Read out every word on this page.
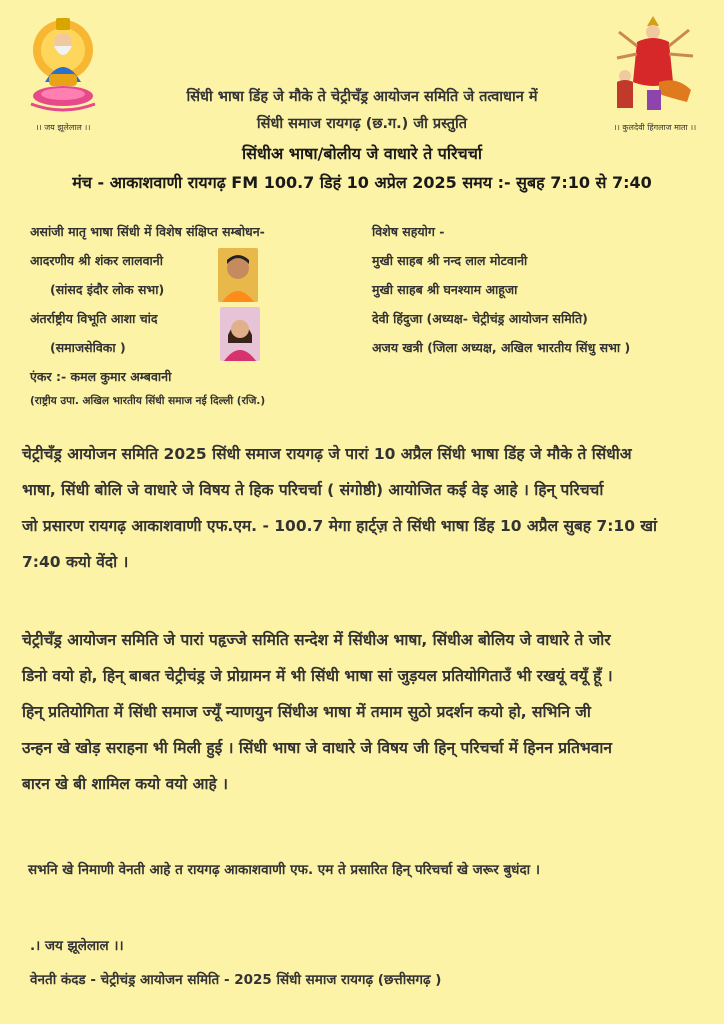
।। जय झूलेलाल ।।	।। कुलदेवी हिंगलाज माता ।।
सिंधी भाषा डिंह जे मौके ते चेट्रीचँड्र आयोजन समिति जे तत्वाधान में
सिंधी समाज रायगढ़ (छ.ग.) जी प्रस्तुति
सिंधीअ भाषा/बोलीय जे वाधारे ते परिचर्चा
मंच - आकाशवाणी रायगढ़ FM 100.7 डिहं 10 अप्रेल 2025 समय :- सुबह 7:10 से 7:40
असांजी मातृ भाषा सिंधी में विशेष संक्षिप्त सम्बोधन-
आदरणीय श्री शंकर लालवानी
(सांसद इंदौर लोक सभा)
अंतर्राष्ट्रीय विभूति आशा चांद
(समाजसेविका )
एंकर :- कमल कुमार अम्बवानी
(राष्ट्रीय उपा. अखिल भारतीय सिंधी समाज नई दिल्ली (रजि.)
विशेष सहयोग -
मुखी साहब श्री नन्द लाल मोटवानी
मुखी साहब श्री घनश्याम आहूजा
देवी हिंदुजा (अध्यक्ष- चेट्रीचंड्र आयोजन समिति)
अजय खत्री (जिला अध्यक्ष, अखिल भारतीय सिंधु सभा )
चेट्रीचँड्र आयोजन समिति 2025 सिंधी समाज रायगढ़ जे पारां 10 अप्रैल सिंधी भाषा डिंह जे मौके ते सिंधीअ
भाषा, सिंधी बोलि जे वाधारे जे विषय ते हिक परिचर्चा ( संगोष्ठी) आयोजित कई वेइ आहे । हिन् परिचर्चा
जो प्रसारण रायगढ़ आकाशवाणी एफ.एम. - 100.7 मेगा हार्ट्ज़ ते सिंधी भाषा डिंह 10 अप्रैल सुबह 7:10 खां
7:40 कयो वेंदो ।
चेट्रीचँड्र आयोजन समिति जे पारां पहृज्जे समिति सन्देश में सिंधीअ भाषा, सिंधीअ बोलिय जे वाधारे ते जोर
डिनो वयो हो, हिन् बाबत चेट्रीचंड्र जे प्रोग्रामन में भी सिंधी भाषा सां जुड़यल प्रतियोगिताउँ भी रखयूं वयूँ हूँ ।
हिन् प्रतियोगिता में सिंधी समाज ज्यूँ न्याणयुन सिंधीअ भाषा में तमाम सुठो प्रदर्शन कयो हो, सभिनि जी
उन्हन खे खोड़ सराहना भी मिली हुई । सिंधी भाषा जे वाधारे जे विषय जी हिन् परिचर्चा में हिनन प्रतिभवान
बारन खे बी शामिल कयो वयो आहे ।
सभनि खे निमाणी वेनती आहे त रायगढ़ आकाशवाणी एफ. एम ते प्रसारित हिन् परिचर्चा खे जरूर बुधंदा ।
.। जय झूलेलाल ।।
वेनती कंदड - चेट्रीचंड्र आयोजन समिति - 2025 सिंधी समाज रायगढ़ (छत्तीसगढ़ )
